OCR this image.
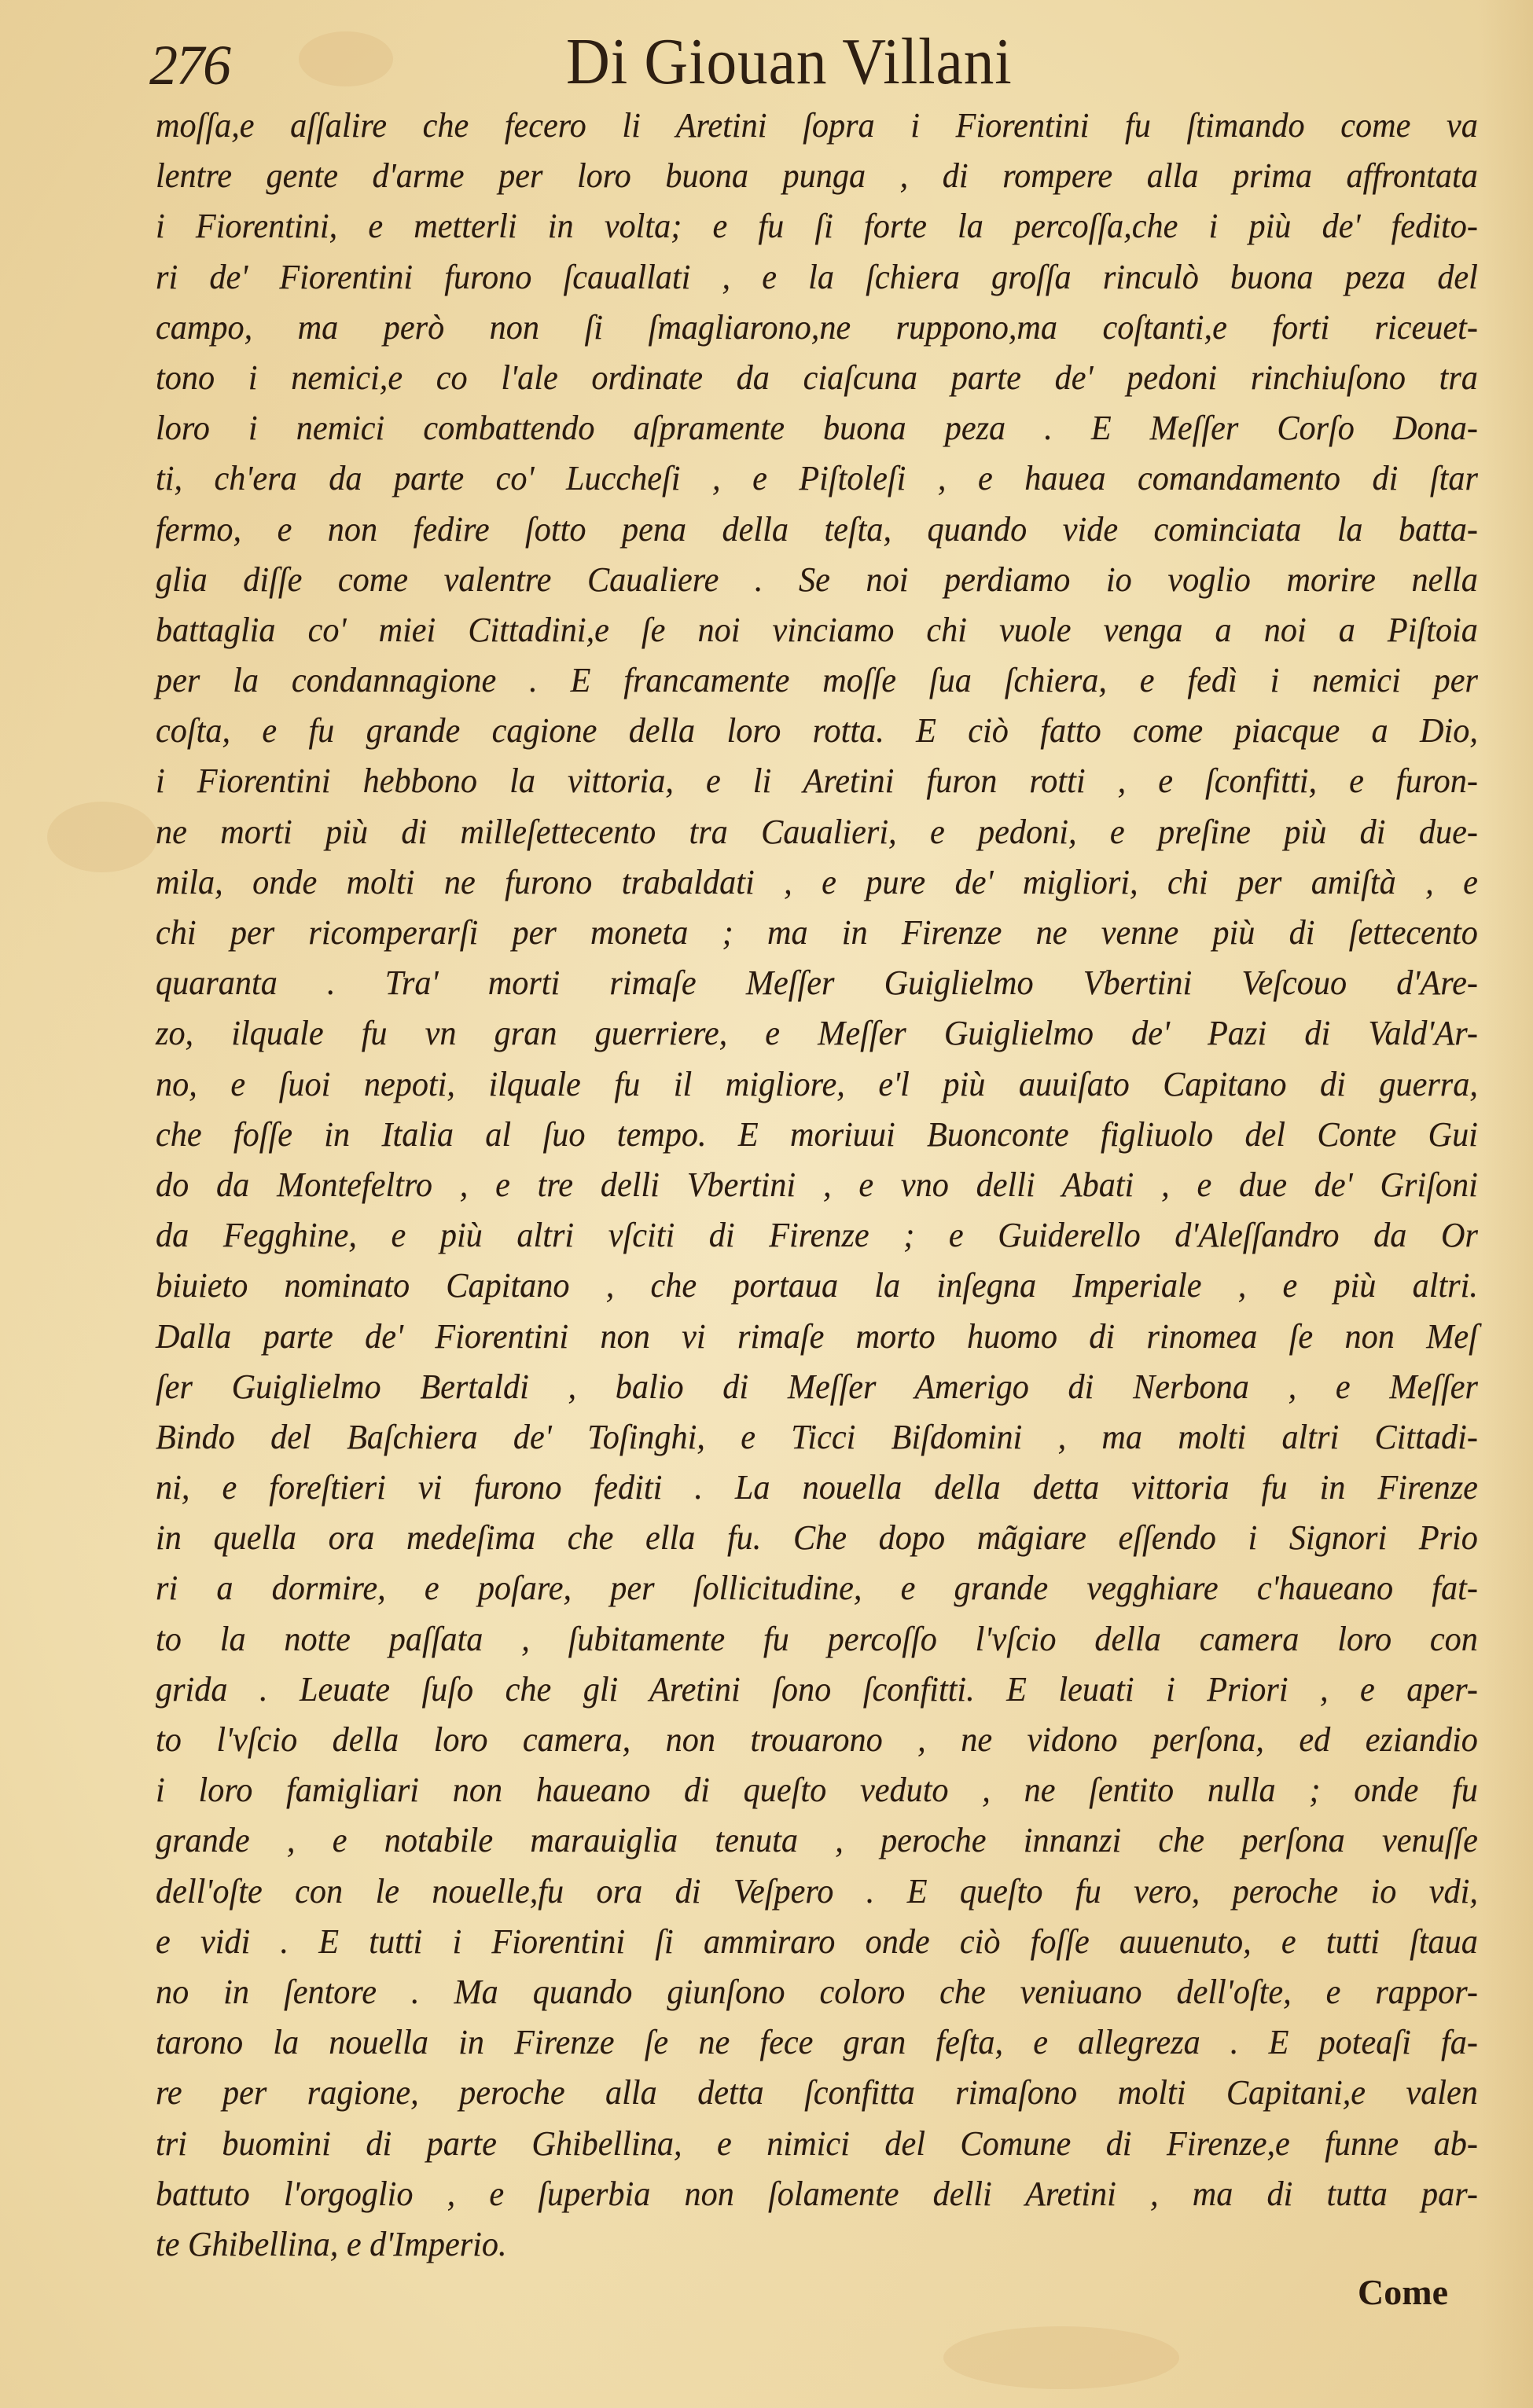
276	Di Giouan Villani
moſſa,e aſſalire che fecero li Aretini ſopra i Fiorentini fu ſtimando come va
lentre gente d'arme per loro buona punga , di rompere alla prima affrontata
i Fiorentini, e metterli in volta; e fu ſi forte la percoſſa,che i più de' fedito-
ri de' Fiorentini furono ſcauallati , e la ſchiera groſſa rinculò buona peza del
campo, ma però non ſi ſmagliarono,ne ruppono,ma coſtanti,e forti riceuet-
tono i nemici,e co l'ale ordinate da ciaſcuna parte de' pedoni rinchiuſono tra
loro i nemici combattendo aſpramente buona peza . E Meſſer Corſo Dona-
ti, ch'era da parte co' Luccheſi , e Piſtoleſi , e hauea comandamento di ſtar
fermo, e non fedire ſotto pena della teſta, quando vide cominciata la batta-
glia diſſe come valentre Caualiere . Se noi perdiamo io voglio morire nella
battaglia co' miei Cittadini,e ſe noi vinciamo chi vuole venga a noi a Piſtoia
per la condannagione . E francamente moſſe ſua ſchiera, e fedì i nemici per
coſta, e fu grande cagione della loro rotta. E ciò fatto come piacque a Dio,
i Fiorentini hebbono la vittoria, e li Aretini furon rotti , e ſconfitti, e furon-
ne morti più di milleſettecento tra Caualieri, e pedoni, e preſine più di due-
mila, onde molti ne furono trabaldati , e pure de' migliori, chi per amiſtà , e
chi per ricomperarſi per moneta ; ma in Firenze ne venne più di ſettecento
quaranta . Tra' morti rimaſe Meſſer Guiglielmo Vbertini Veſcouo d'Are-
zo, ilquale fu vn gran guerriere, e Meſſer Guiglielmo de' Pazi di Vald'Ar-
no, e ſuoi nepoti, ilquale fu il migliore, e'l più auuiſato Capitano di guerra,
che foſſe in Italia al ſuo tempo. E moriuui Buonconte figliuolo del Conte Gui
do da Montefeltro , e tre delli Vbertini , e vno delli Abati , e due de' Griſoni
da Fegghine, e più altri vſciti di Firenze ; e Guiderello d'Aleſſandro da Or
biuieto nominato Capitano , che portaua la inſegna Imperiale , e più altri.
Dalla parte de' Fiorentini non vi rimaſe morto huomo di rinomea ſe non Meſ
ſer Guiglielmo Bertaldi , balio di Meſſer Amerigo di Nerbona , e Meſſer
Bindo del Baſchiera de' Toſinghi, e Ticci Biſdomini , ma molti altri Cittadi-
ni, e foreſtieri vi furono fediti . La nouella della detta vittoria fu in Firenze
in quella ora medeſima che ella fu. Che dopo mãgiare eſſendo i Signori Prio
ri a dormire, e poſare, per ſollicitudine, e grande vegghiare c'haueano fat-
to la notte paſſata , ſubitamente fu percoſſo l'vſcio della camera loro con
grida . Leuate ſuſo che gli Aretini ſono ſconfitti. E leuati i Priori , e aper-
to l'vſcio della loro camera, non trouarono , ne vidono perſona, ed eziandio
i loro famigliari non haueano di queſto veduto , ne ſentito nulla ; onde fu
grande , e notabile marauiglia tenuta , peroche innanzi che perſona venuſſe
dell'oſte con le nouelle,fu ora di Veſpero . E queſto fu vero, peroche io vdi,
e vidi . E tutti i Fiorentini ſi ammiraro onde ciò foſſe auuenuto, e tutti ſtaua
no in ſentore . Ma quando giunſono coloro che veniuano dell'oſte, e rappor-
tarono la nouella in Firenze ſe ne fece gran feſta, e allegreza . E poteaſi fa-
re per ragione, peroche alla detta ſconfitta rimaſono molti Capitani,e valen
tri buomini di parte Ghibellina, e nimici del Comune di Firenze,e funne ab-
battuto l'orgoglio , e ſuperbia non ſolamente delli Aretini , ma di tutta par-
te Ghibellina, e d'Imperio.
Come
